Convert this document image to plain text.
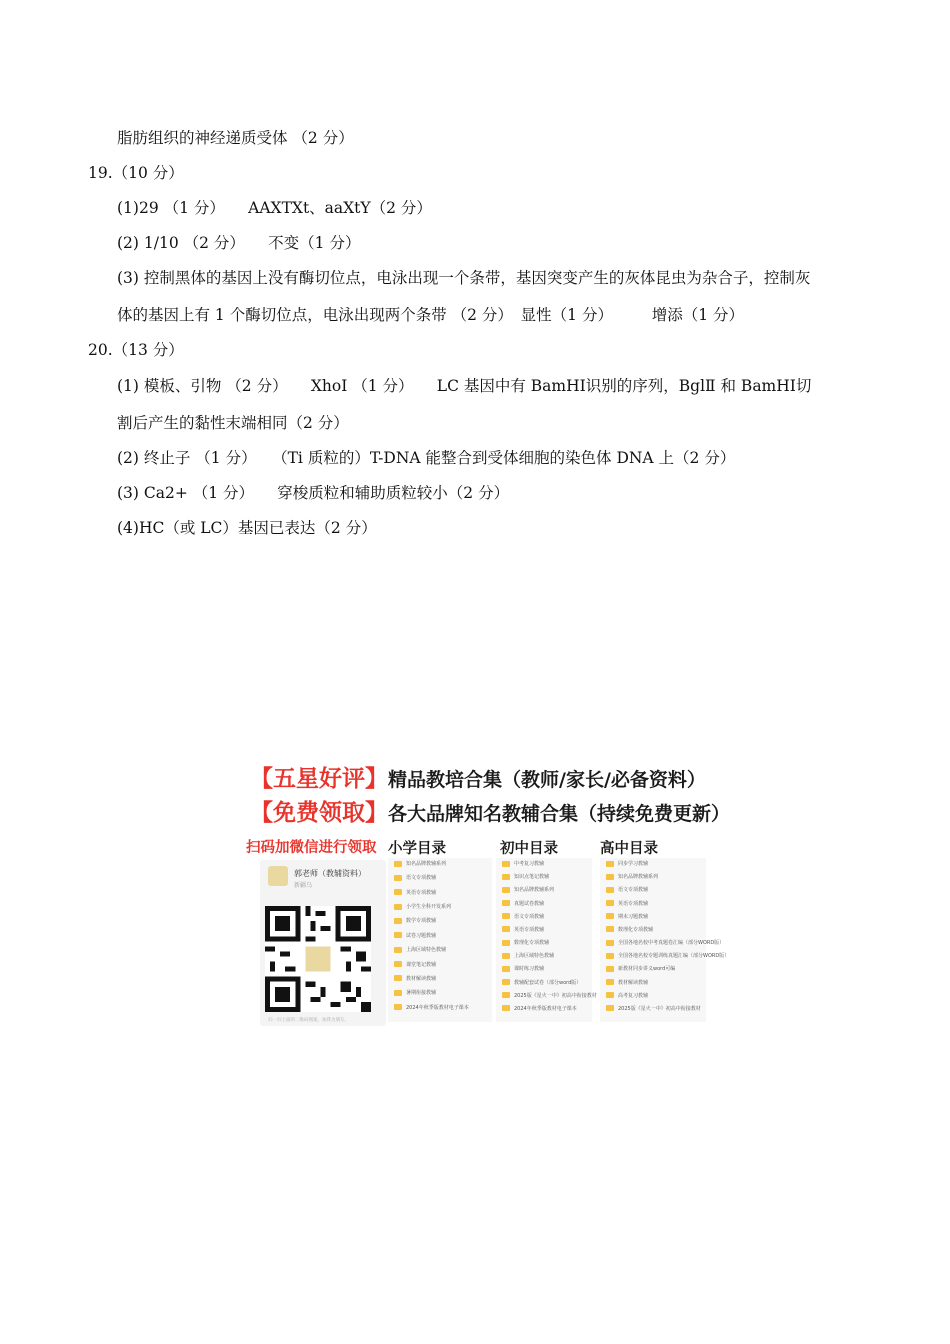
脂肪组织的神经递质受体 （2 分）
19.（10 分）
(1)29 （1 分）　　AAXTXt、aaXtY（2 分）
(2) 1/10 （2 分）　　不变（1 分）
(3) 控制黑体的基因上没有酶切位点，电泳出现一个条带，基因突变产生的灰体昆虫为杂合子，控制灰
体的基因上有 1 个酶切位点，电泳出现两个条带 （2 分）　显性（1 分）　　　增添（1 分）
20.（13 分）
(1) 模板、引物 （2 分）　　XhoⅠ （1 分）　　LC 基因中有 BamHⅠ识别的序列，BglⅡ 和 BamHⅠ切
割后产生的黏性末端相同（2 分）
(2) 终止子 （1 分）　　（Ti 质粒的）T-DNA 能整合到受体细胞的染色体 DNA 上（2 分）
(3) Ca2+ （1 分）　　穿梭质粒和辅助质粒较小（2 分）
(4)HC（或 LC）基因已表达（2 分）
【五星好评】精品教培合集（教师/家长/必备资料）
【免费领取】各大品牌知名教辅合集（持续免费更新）
扫码加微信进行领取
郭老师（教辅资料）
新疆乌
扫一扫上面的二维码图案，加我为朋友。
小学目录	初中目录	高中目录
知名品牌教辅系列
语文专项教辅
英语专项教辅
小学生全科开发系列
数学专项教辅
试卷习题教辅
上海区域特色教辅
课堂笔记教辅
教材解读教辅
暑期衔接教辅
2024年秋季版教材电子课本
中考复习教辅
知识点笔记教辅
知名品牌教辅系列
真题试卷教辅
语文专项教辅
英语专项教辅
数理化专项教辅
上海区域特色教辅
课时练习教辅
教辅配套试卷（部分word版）
2025版《星火一中》初高中衔接教材
2024年秋季版教材电子课本
同步学习教辅
知名品牌教辅系列
语文专项教辅
英语专项教辅
期末习题教辅
数理化专项教辅
全国各地名校中考真题卷汇编（部分WORD版）
全国各地名校专题训练真题汇编（部分WORD版）
新教材同步讲义word可编
教材解读教辅
高考复习教辅
2025版《星火一中》初高中衔接教材
